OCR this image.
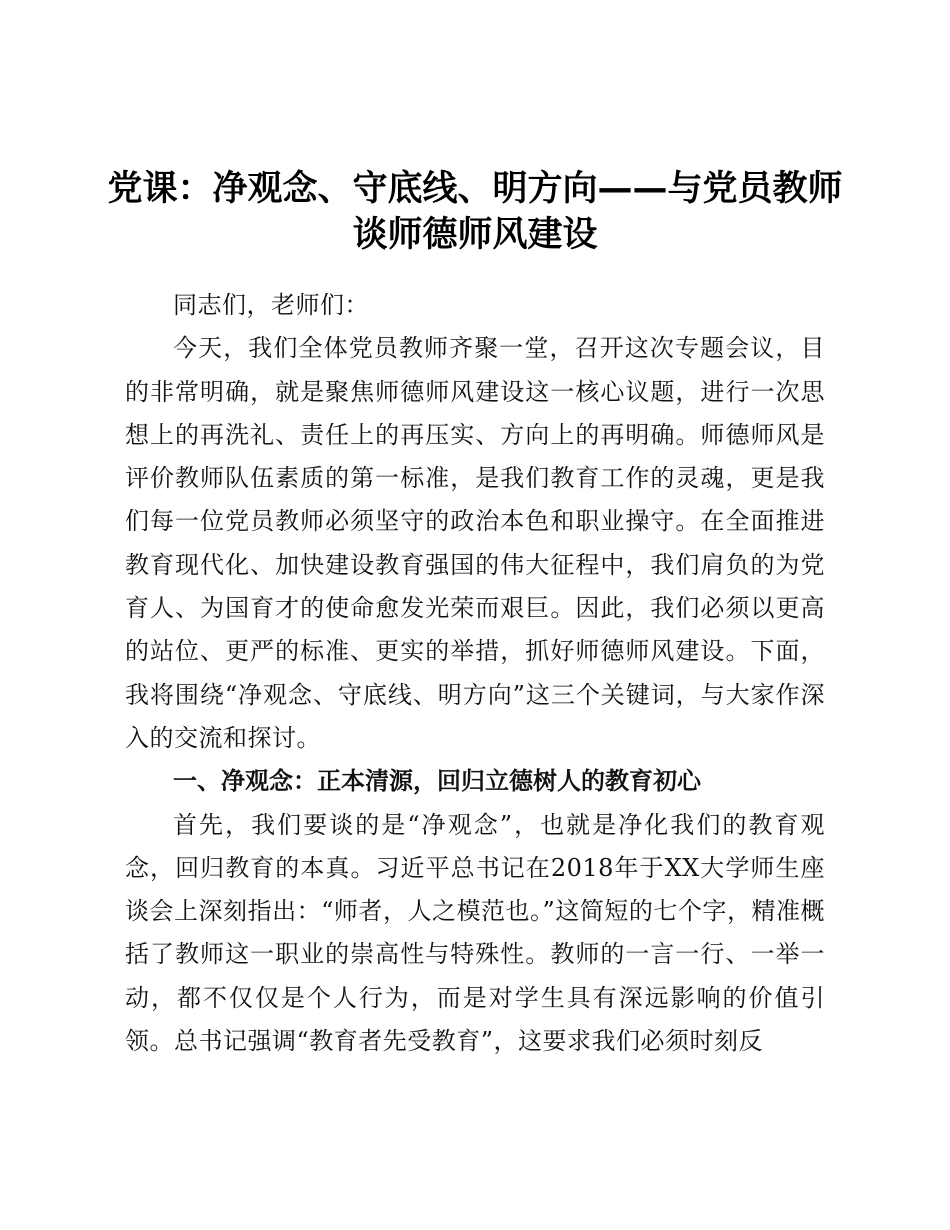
党课：净观念、守底线、明方向——与党员教师谈师德师风建设

同志们，老师们：

今天，我们全体党员教师齐聚一堂，召开这次专题会议，目的非常明确，就是聚焦师德师风建设这一核心议题，进行一次思想上的再洗礼、责任上的再压实、方向上的再明确。师德师风是评价教师队伍素质的第一标准，是我们教育工作的灵魂，更是我们每一位党员教师必须坚守的政治本色和职业操守。在全面推进教育现代化、加快建设教育强国的伟大征程中，我们肩负的为党育人、为国育才的使命愈发光荣而艰巨。因此，我们必须以更高的站位、更严的标准、更实的举措，抓好师德师风建设。下面，我将围绕“净观念、守底线、明方向”这三个关键词，与大家作深入的交流和探讨。

一、净观念：正本清源，回归立德树人的教育初心

首先，我们要谈的是“净观念”，也就是净化我们的教育观念，回归教育的本真。习近平总书记在2018年于XX大学师生座谈会上深刻指出：“师者，人之模范也。”这简短的七个字，精准概括了教师这一职业的崇高性与特殊性。教师的一言一行、一举一动，都不仅仅是个人行为，而是对学生具有深远影响的价值引领。总书记强调“教育者先受教育”，这要求我们必须时刻反
